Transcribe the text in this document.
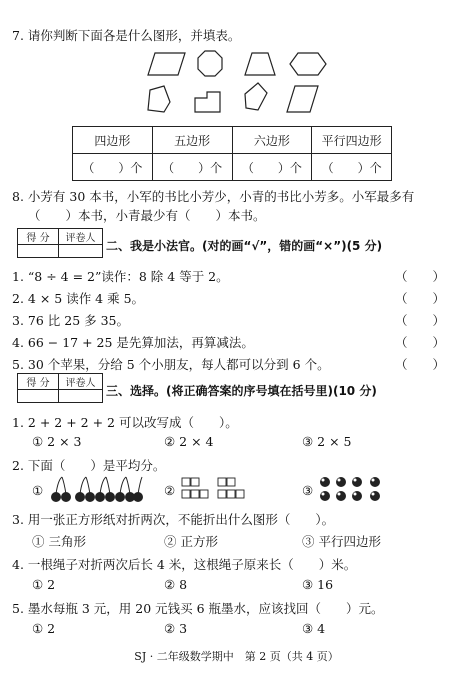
7. 请你判断下面各是什么图形，并填表。
四边形	五边形	六边形	平行四边形
（　　）个	（　　）个	（　　）个	（　　）个
8. 小芳有 30 本书，小军的书比小芳少，小青的书比小芳多。小军最多有
（　　）本书，小青最少有（　　）本书。
得 分	评卷人

二、我是小法官。(对的画“√”，错的画“×”)(5 分)
1. “8 ÷ 4 = 2”读作：8 除 4 等于 2。	（　　）
2. 4 × 5 读作 4 乘 5。	（　　）
3. 76 比 25 多 35。	（　　）
4. 66 − 17 + 25 是先算加法，再算减法。	（　　）
5. 30 个苹果，分给 5 个小朋友，每人都可以分到 6 个。	（　　）
得 分	评卷人

三、选择。(将正确答案的序号填在括号里)(10 分)
1. 2 + 2 + 2 + 2 可以改写成（　　）。
① 2 × 3	② 2 × 4	③ 2 × 5
2. 下面（　　）是平均分。
①	②	③
3. 用一张正方形纸对折两次，不能折出什么图形（　　）。
① 三角形	② 正方形	③ 平行四边形
4. 一根绳子对折两次后长 4 米，这根绳子原来长（　　）米。
① 2	② 8	③ 16
5. 墨水每瓶 3 元，用 20 元钱买 6 瓶墨水，应该找回（　　）元。
① 2	② 3	③ 4
SJ · 二年级数学期中　第 2 页（共 4 页）
